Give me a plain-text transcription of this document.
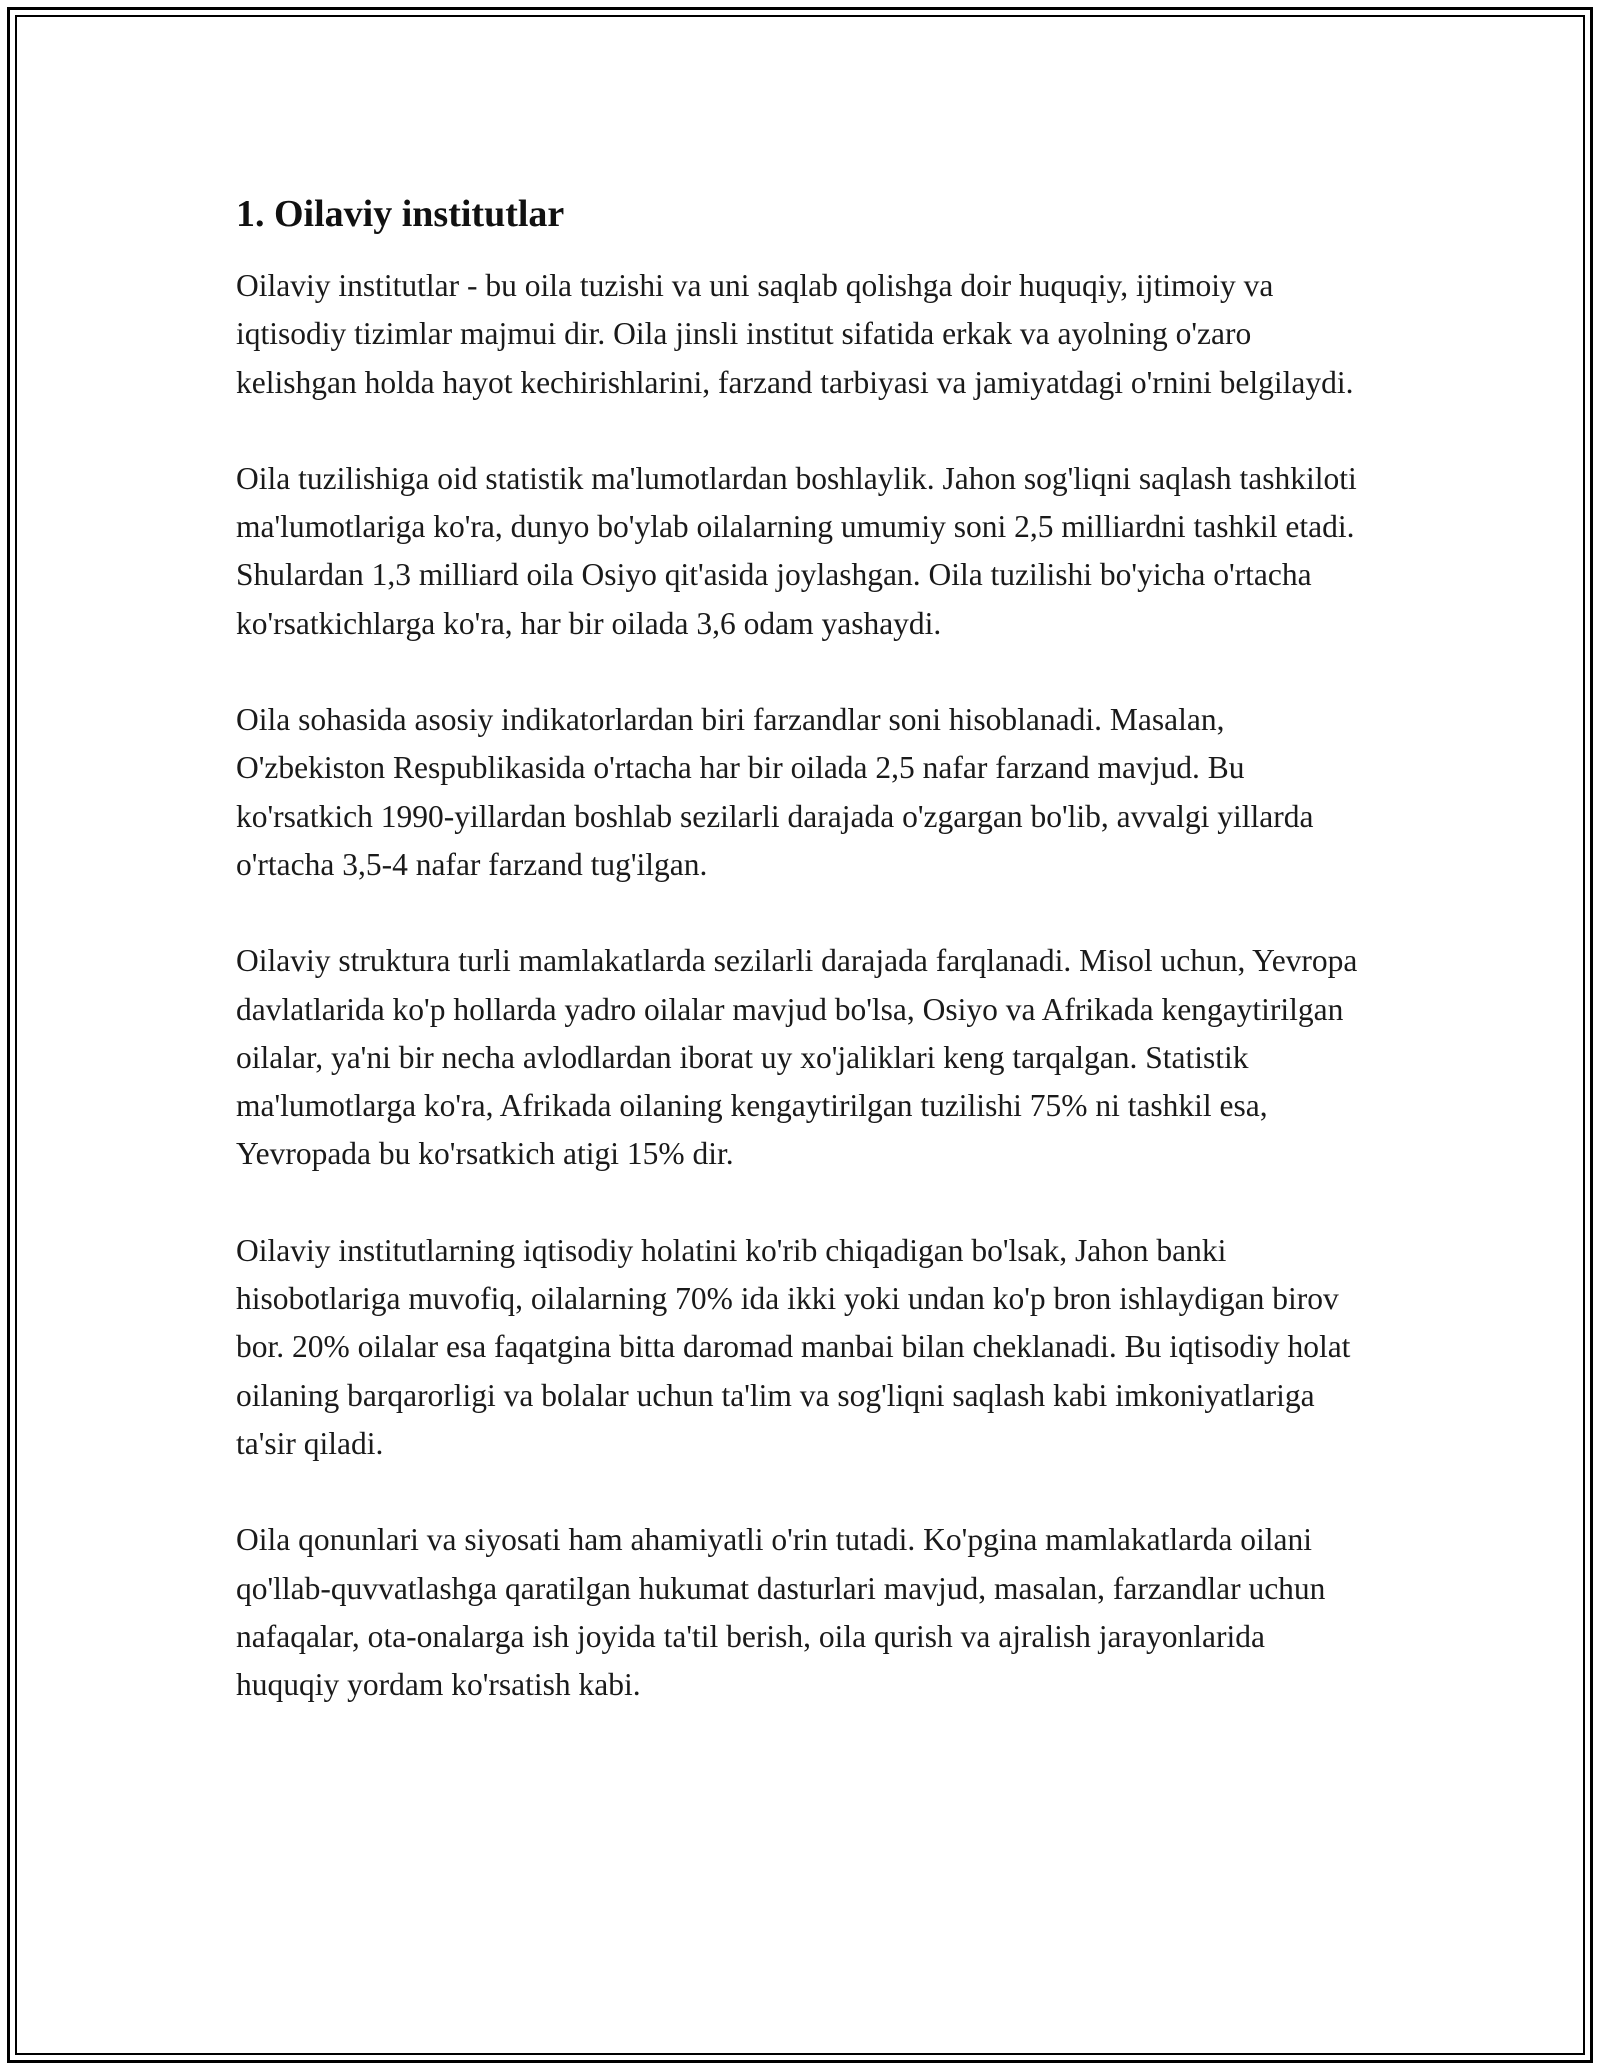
1. Oilaviy institutlar

Oilaviy institutlar - bu oila tuzishi va uni saqlab qolishga doir huquqiy, ijtimoiy va iqtisodiy tizimlar majmui dir. Oila jinsli institut sifatida erkak va ayolning o'zaro kelishgan holda hayot kechirishlarini, farzand tarbiyasi va jamiyatdagi o'rnini belgilaydi.

Oila tuzilishiga oid statistik ma'lumotlardan boshlaylik. Jahon sog'liqni saqlash tashkiloti ma'lumotlariga ko'ra, dunyo bo'ylab oilalarning umumiy soni 2,5 milliardni tashkil etadi. Shulardan 1,3 milliard oila Osiyo qit'asida joylashgan. Oila tuzilishi bo'yicha o'rtacha ko'rsatkichlarga ko'ra, har bir oilada 3,6 odam yashaydi.

Oila sohasida asosiy indikatorlardan biri farzandlar soni hisoblanadi. Masalan, O'zbekiston Respublikasida o'rtacha har bir oilada 2,5 nafar farzand mavjud. Bu ko'rsatkich 1990-yillardan boshlab sezilarli darajada o'zgargan bo'lib, avvalgi yillarda o'rtacha 3,5-4 nafar farzand tug'ilgan.

Oilaviy struktura turli mamlakatlarda sezilarli darajada farqlanadi. Misol uchun, Yevropa davlatlarida ko'p hollarda yadro oilalar mavjud bo'lsa, Osiyo va Afrikada kengaytirilgan oilalar, ya'ni bir necha avlodlardan iborat uy xo'jaliklari keng tarqalgan. Statistik ma'lumotlarga ko'ra, Afrikada oilaning kengaytirilgan tuzilishi 75% ni tashkil esa, Yevropada bu ko'rsatkich atigi 15% dir.

Oilaviy institutlarning iqtisodiy holatini ko'rib chiqadigan bo'lsak, Jahon banki hisobotlariga muvofiq, oilalarning 70% ida ikki yoki undan ko'p bron ishlaydigan birov bor. 20% oilalar esa faqatgina bitta daromad manbai bilan cheklanadi. Bu iqtisodiy holat oilaning barqarorligi va bolalar uchun ta'lim va sog'liqni saqlash kabi imkoniyatlariga ta'sir qiladi.

Oila qonunlari va siyosati ham ahamiyatli o'rin tutadi. Ko'pgina mamlakatlarda oilani qo'llab-quvvatlashga qaratilgan hukumat dasturlari mavjud, masalan, farzandlar uchun nafaqalar, ota-onalarga ish joyida ta'til berish, oila qurish va ajralish jarayonlarida huquqiy yordam ko'rsatish kabi.
